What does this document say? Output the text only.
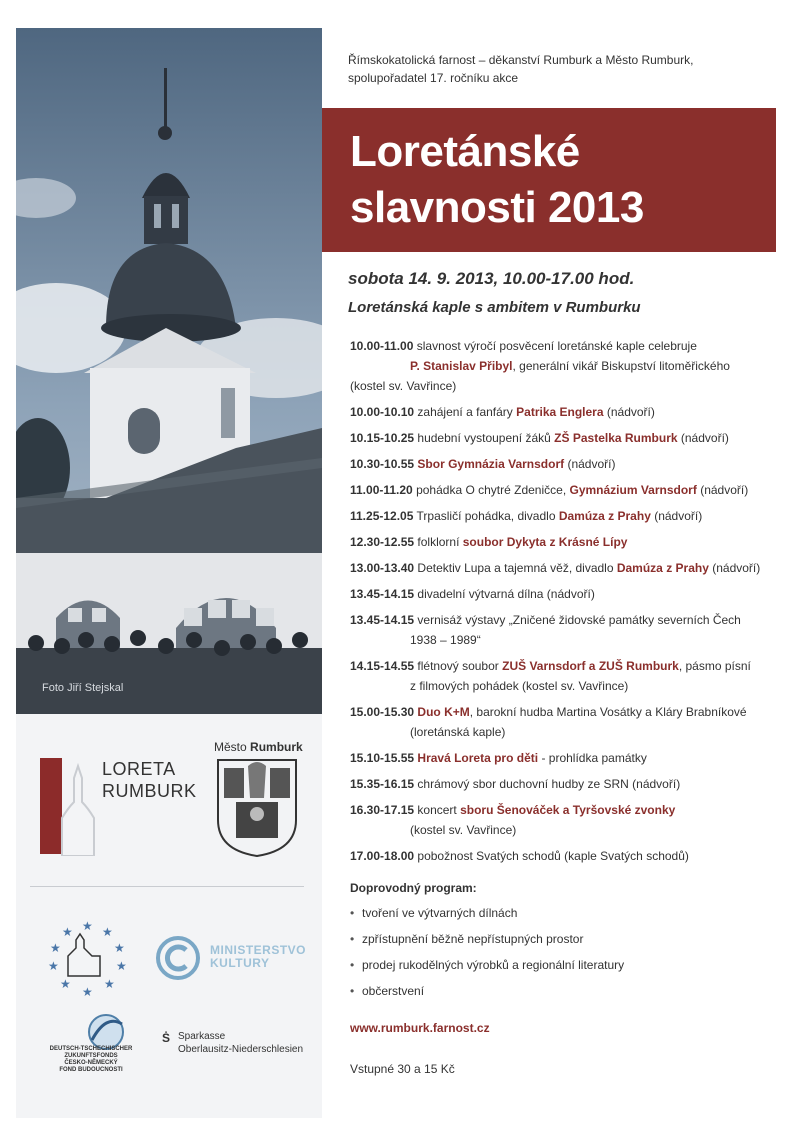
Foto Jiří Stejskal
LORETA
RUMBURK
Město Rumburk
★ ★
★
★
★
★
★
★
★
★
MINISTERSTVO
KULTURY
DEUTSCH-TSCHECHISCHER
ZUKUNFTSFONDS
ČESKO-NĚMECKÝ
FOND BUDOUCNOSTI
Ṡ Sparkasse
Oberlausitz-Niederschlesien
Římskokatolická farnost – děkanství Rumburk a Město Rumburk,
spolupořadatel 17. ročníku akce
Loretánské
slavnosti 2013
sobota 14. 9. 2013, 10.00-17.00 hod.
Loretánská kaple s ambitem v Rumburku
10.00-11.00 slavnost výročí posvěcení loretánské kaple celebruje
P. Stanislav Přibyl, generální vikář Biskupství litoměřického
(kostel sv. Vavřince)
10.00-10.10 zahájení a fanfáry Patrika Englera (nádvoří)
10.15-10.25 hudební vystoupení žáků ZŠ Pastelka Rumburk (nádvoří)
10.30-10.55 Sbor Gymnázia Varnsdorf (nádvoří)
11.00-11.20 pohádka O chytré Zdeničce, Gymnázium Varnsdorf (nádvoří)
11.25-12.05 Trpasličí pohádka, divadlo Damúza z Prahy (nádvoří)
12.30-12.55 folklorní soubor Dykyta z Krásné Lípy
13.00-13.40 Detektiv Lupa a tajemná věž, divadlo Damúza z Prahy (nádvoří)
13.45-14.15 divadelní výtvarná dílna (nádvoří)
13.45-14.15 vernisáž výstavy „Zničené židovské památky severních Čech
1938 – 1989“
14.15-14.55 flétnový soubor ZUŠ Varnsdorf a ZUŠ Rumburk, pásmo písní
z filmových pohádek (kostel sv. Vavřince)
15.00-15.30 Duo K+M, barokní hudba Martina Vosátky a Kláry Brabníkové
(loretánská kaple)
15.10-15.55 Hravá Loreta pro děti - prohlídka památky
15.35-16.15 chrámový sbor duchovní hudby ze SRN (nádvoří)
16.30-17.15 koncert sboru Šenováček a Tyršovské zvonky
(kostel sv. Vavřince)
17.00-18.00 pobožnost Svatých schodů (kaple Svatých schodů)
Doprovodný program:
• tvoření ve výtvarných dílnách
• zpřístupnění běžně nepřístupných prostor
• prodej rukodělných výrobků a regionální literatury
• občerstvení
www.rumburk.farnost.cz
Vstupné 30 a 15 Kč
